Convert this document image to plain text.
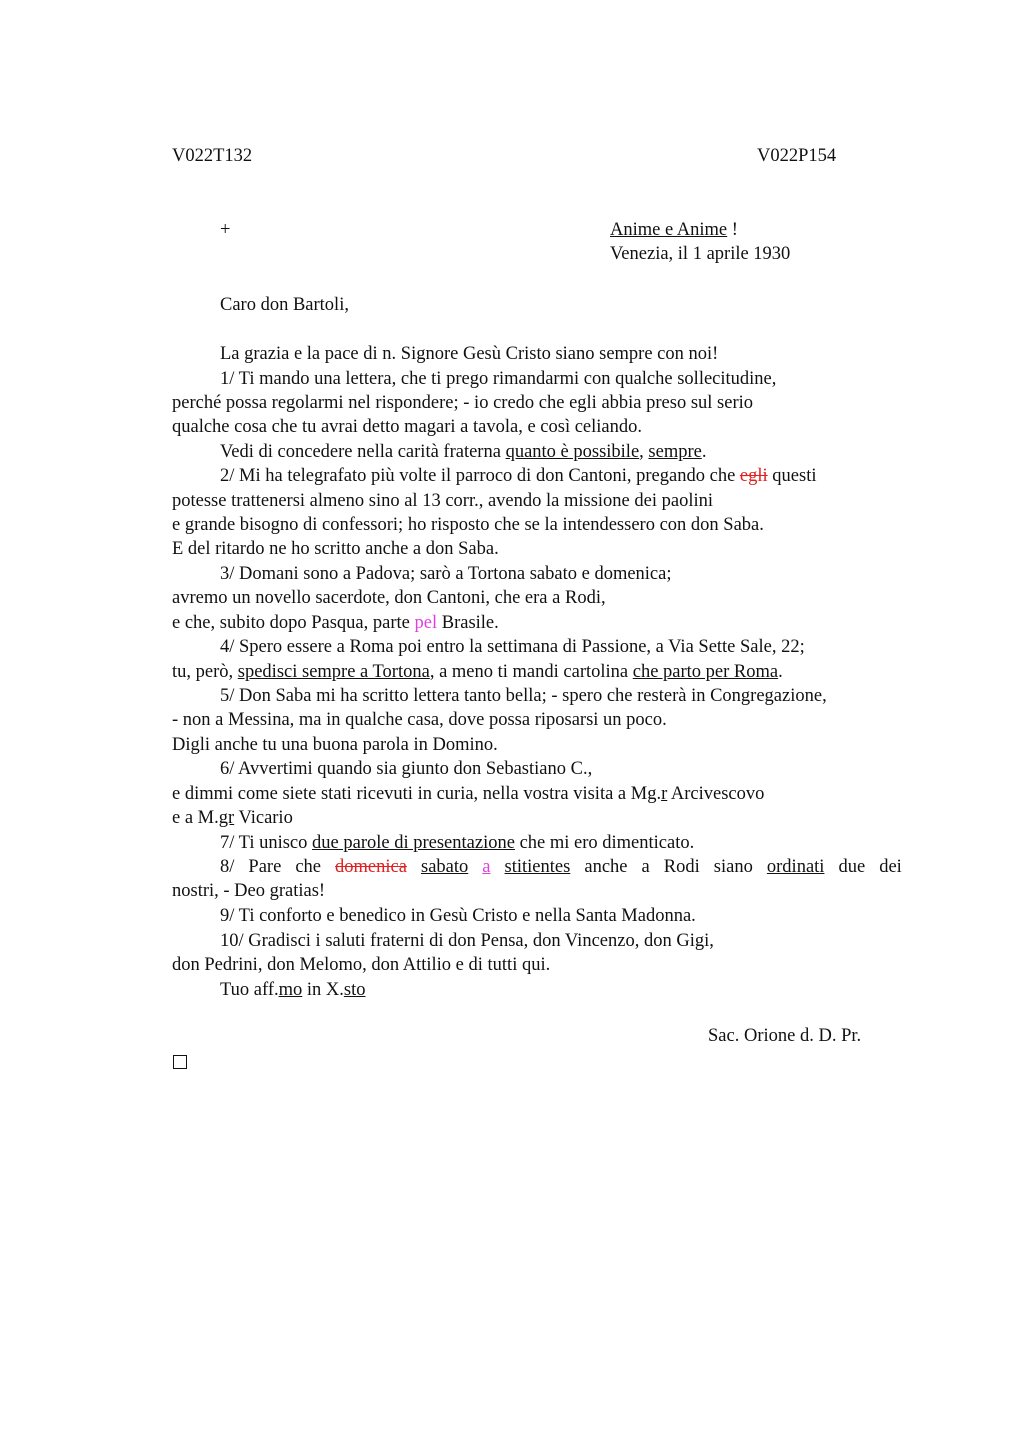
V022T132	V022P154
+	Anime e Anime !
Venezia, il 1 aprile 1930
Caro don Bartoli,
La grazia e la pace di n. Signore Gesù Cristo siano sempre con noi!
1/ Ti mando una lettera, che ti prego rimandarmi con qualche sollecitudine,
perché possa regolarmi nel rispondere; - io credo che egli abbia preso sul serio
qualche cosa che tu avrai detto magari a tavola, e così celiando.
Vedi di concedere nella carità fraterna quanto è possibile, sempre.
2/ Mi ha telegrafato più volte il parroco di don Cantoni, pregando che egli questi
potesse trattenersi almeno sino al 13 corr., avendo la missione dei paolini
e grande bisogno di confessori; ho risposto che se la intendessero con don Saba.
E del ritardo ne ho scritto anche a don Saba.
3/ Domani sono a Padova; sarò a Tortona sabato e domenica;
avremo un novello sacerdote, don Cantoni, che era a Rodi,
e che, subito dopo Pasqua, parte pel Brasile.
4/ Spero essere a Roma poi entro la settimana di Passione, a Via Sette Sale, 22;
tu, però, spedisci sempre a Tortona, a meno ti mandi cartolina che parto per Roma.
5/ Don Saba mi ha scritto lettera tanto bella; - spero che resterà in Congregazione,
- non a Messina, ma in qualche casa, dove possa riposarsi un poco.
Digli anche tu una buona parola in Domino.
6/ Avvertimi quando sia giunto don Sebastiano C.,
e dimmi come siete stati ricevuti in curia, nella vostra visita a Mg.r Arcivescovo
e a M.gr Vicario
7/ Ti unisco due parole di presentazione che mi ero dimenticato.
8/ Pare che domenica sabato a stitientes anche a Rodi siano ordinati due dei
nostri, - Deo gratias!
9/ Ti conforto e benedico in Gesù Cristo e nella Santa Madonna.
10/ Gradisci i saluti fraterni di don Pensa, don Vincenzo, don Gigi,
don Pedrini, don Melomo, don Attilio e di tutti qui.
Tuo aff.mo in X.sto
Sac. Orione d. D. Pr.
